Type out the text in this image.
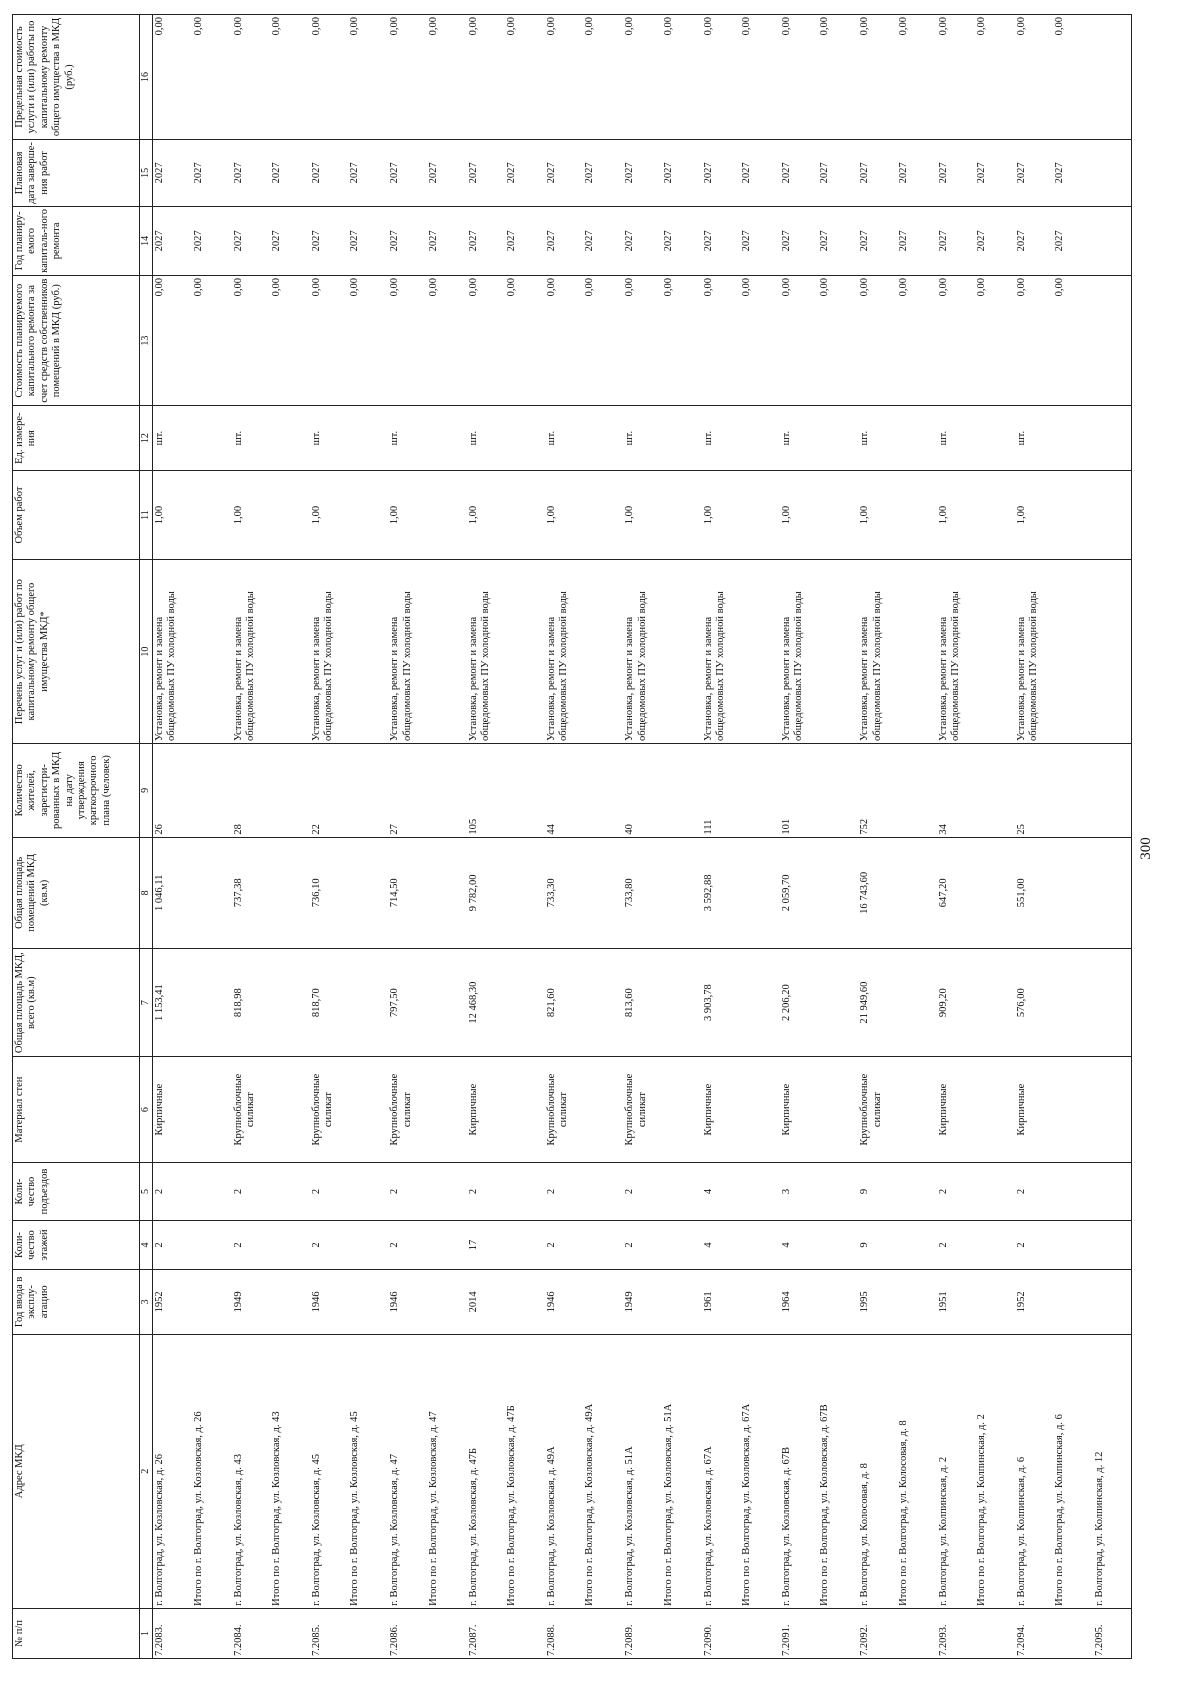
№ п/п	Адрес МКД	Год ввода в эксплу-атацию	Коли-чество этажей	Коли-чество подъездов	Материал стен	Общая площадь МКД, всего (кв.м)	Общая площадь помещений МКД (кв.м)	Количество жителей, зарегистри-рованных в МКД на дату утверждения краткосрочного плана (человек)	Перечень услуг и (или) работ по капитальному ремонту общего имущества МКД*	Объем работ	Ед. измере-ния	Стоимость планируемого капитального ремонта за счет средств собственников помещений в МКД (руб.)	Год планиру-емого капиталь-ного ремонта	Плановая дата заверше-ния работ	Предельная стоимость услуги и (или) работы по капитальному ремонту общего имущества в МКД (руб.)
1	2	3	4	5	6	7	8	9	10	11	12	13	14	15	16
7.2083.	г. Волгоград, ул. Козловская, д. 26	1952	2	2	Кирпичные	1 153,41	1 046,11	26	Установка, ремонт и замена общедомовых ПУ холодной воды	1,00	шт.	0,00	2027	2027	0,00
	Итого по г. Волгоград, ул. Козловская, д. 26											0,00	2027	2027	0,00
7.2084.	г. Волгоград, ул. Козловская, д. 43	1949	2	2	Крупноблочные силикат	818,98	737,38	28	Установка, ремонт и замена общедомовых ПУ холодной воды	1,00	шт.	0,00	2027	2027	0,00
	Итого по г. Волгоград, ул. Козловская, д. 43											0,00	2027	2027	0,00
7.2085.	г. Волгоград, ул. Козловская, д. 45	1946	2	2	Крупноблочные силикат	818,70	736,10	22	Установка, ремонт и замена общедомовых ПУ холодной воды	1,00	шт.	0,00	2027	2027	0,00
	Итого по г. Волгоград, ул. Козловская, д. 45											0,00	2027	2027	0,00
7.2086.	г. Волгоград, ул. Козловская, д. 47	1946	2	2	Крупноблочные силикат	797,50	714,50	27	Установка, ремонт и замена общедомовых ПУ холодной воды	1,00	шт.	0,00	2027	2027	0,00
	Итого по г. Волгоград, ул. Козловская, д. 47											0,00	2027	2027	0,00
7.2087.	г. Волгоград, ул. Козловская, д. 47Б	2014	17	2	Кирпичные	12 468,30	9 782,00	105	Установка, ремонт и замена общедомовых ПУ холодной воды	1,00	шт.	0,00	2027	2027	0,00
	Итого по г. Волгоград, ул. Козловская, д. 47Б											0,00	2027	2027	0,00
7.2088.	г. Волгоград, ул. Козловская, д. 49А	1946	2	2	Крупноблочные силикат	821,60	733,30	44	Установка, ремонт и замена общедомовых ПУ холодной воды	1,00	шт.	0,00	2027	2027	0,00
	Итого по г. Волгоград, ул. Козловская, д. 49А											0,00	2027	2027	0,00
7.2089.	г. Волгоград, ул. Козловская, д. 51А	1949	2	2	Крупноблочные силикат	813,60	733,80	40	Установка, ремонт и замена общедомовых ПУ холодной воды	1,00	шт.	0,00	2027	2027	0,00
	Итого по г. Волгоград, ул. Козловская, д. 51А											0,00	2027	2027	0,00
7.2090.	г. Волгоград, ул. Козловская, д. 67А	1961	4	4	Кирпичные	3 903,78	3 592,88	111	Установка, ремонт и замена общедомовых ПУ холодной воды	1,00	шт.	0,00	2027	2027	0,00
	Итого по г. Волгоград, ул. Козловская, д. 67А											0,00	2027	2027	0,00
7.2091.	г. Волгоград, ул. Козловская, д. 67В	1964	4	3	Кирпичные	2 206,20	2 059,70	101	Установка, ремонт и замена общедомовых ПУ холодной воды	1,00	шт.	0,00	2027	2027	0,00
	Итого по г. Волгоград, ул. Козловская, д. 67В											0,00	2027	2027	0,00
7.2092.	г. Волгоград, ул. Колосовая, д. 8	1995	9	9	Крупноблочные силикат	21 949,60	16 743,60	752	Установка, ремонт и замена общедомовых ПУ холодной воды	1,00	шт.	0,00	2027	2027	0,00
	Итого по г. Волгоград, ул. Колосовая, д. 8											0,00	2027	2027	0,00
7.2093.	г. Волгоград, ул. Колпинская, д. 2	1951	2	2	Кирпичные	909,20	647,20	34	Установка, ремонт и замена общедомовых ПУ холодной воды	1,00	шт.	0,00	2027	2027	0,00
	Итого по г. Волгоград, ул. Колпинская, д. 2											0,00	2027	2027	0,00
7.2094.	г. Волгоград, ул. Колпинская, д. 6	1952	2	2	Кирпичные	576,00	551,00	25	Установка, ремонт и замена общедомовых ПУ холодной воды	1,00	шт.	0,00	2027	2027	0,00
	Итого по г. Волгоград, ул. Колпинская, д. 6											0,00	2027	2027	0,00
7.2095.	г. Волгоград, ул. Колпинская, д. 12														
300
